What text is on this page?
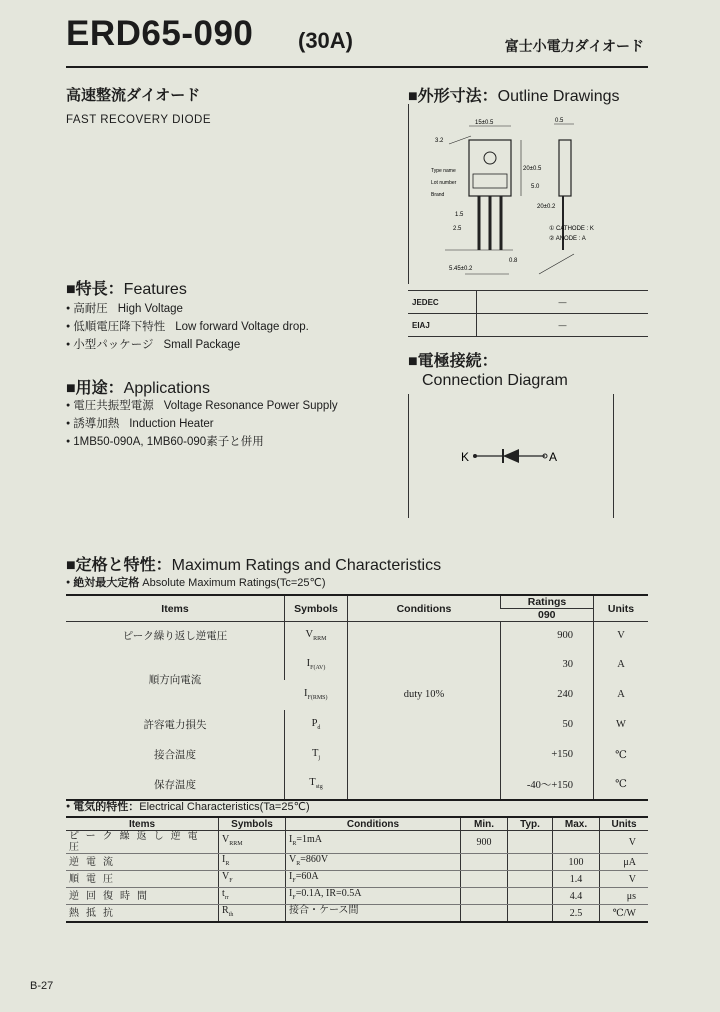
ERD65-090 (30A)	富士小電力ダイオード
高速整流ダイオード
FAST RECOVERY DIODE
■特長：Features
● 高耐圧 High Voltage
● 低順電圧降下特性 Low forward Voltage drop.
● 小型パッケージ Small Package
■用途：Applications
● 電圧共振型電源 Voltage Resonance Power Supply
● 誘導加熱 Induction Heater
● 1MB50-090A, 1MB60-090素子と併用
■外形寸法：Outline Drawings
15±0.5
3.2
20±0.5
5.0
20±0.2
1.5
2.5
0.8
5.45±0.2
0.5
Type name
Lot number
Brand
① CATHODE : K
② ANODE : A
JEDEC	—
EIAJ	—
■電極接続：
Connection Diagram
K	A
■定格と特性：Maximum Ratings and Characteristics
● 絶対最大定格 Absolute Maximum Ratings(Tc=25℃)
Items	Symbols	Conditions	Ratings	Units
			090	
ピーク繰り返し逆電圧	$V_{RRM}$		900	V
順方向電流	$I_{F(AV)}$		30	A
	$I_{F(RMS)}$	duty 10%	240	A
許容電力損失	$P_d$		50	W
接合温度	$T_j$		+150	℃
保存温度	$T_{stg}$		-40～+150	℃
● 電気的特性：Electrical Characteristics(Ta=25℃)
Items	Symbols	Conditions	Min.	Typ.	Max.	Units
ピーク繰返し逆電圧	$V_{RRM}$	$I_R=1mA$	900			V
逆電流	$I_R$	$V_R=860V$			100	μA
順電圧	$V_F$	$I_F=60A$			1.4	V
逆回復時間	$t_{rr}$	$I_F=0.1A$, IR=0.5A			4.4	μs
熱抵抗	$R_{th}$	接合・ケース間			2.5	℃/W
B-27
